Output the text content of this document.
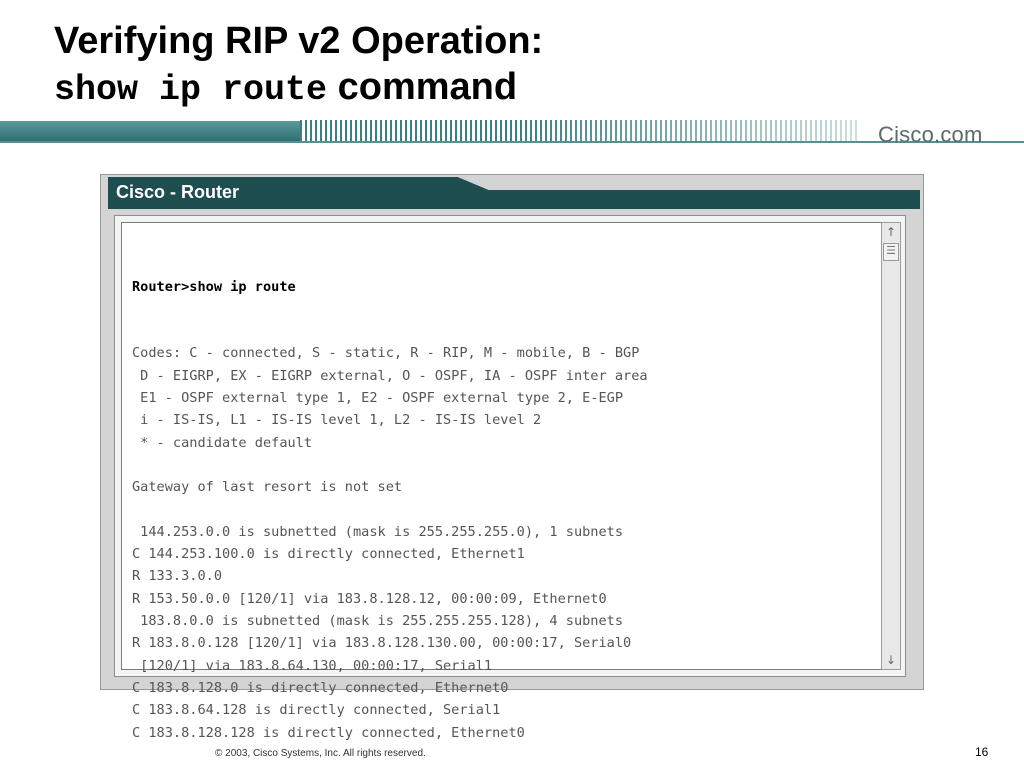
Verifying RIP v2 Operation:
show ip route command
Cisco.com
Cisco - Router

Router>show ip route

Codes: C - connected, S - static, R - RIP, M - mobile, B - BGP
D - EIGRP, EX - EIGRP external, O - OSPF, IA - OSPF inter area
E1 - OSPF external type 1, E2 - OSPF external type 2, E-EGP
i - IS-IS, L1 - IS-IS level 1, L2 - IS-IS level 2
* - candidate default
Gateway of last resort is not set
144.253.0.0 is subnetted (mask is 255.255.255.0), 1 subnets
C 144.253.100.0 is directly connected, Ethernet1
R 133.3.0.0
R 153.50.0.0 [120/1] via 183.8.128.12, 00:00:09, Ethernet0
183.8.0.0 is subnetted (mask is 255.255.255.128), 4 subnets
R 183.8.0.128 [120/1] via 183.8.128.130.00, 00:00:17, Serial0
[120/1] via 183.8.64.130, 00:00:17, Serial1
C 183.8.128.0 is directly connected, Ethernet0
C 183.8.64.128 is directly connected, Serial1
C 183.8.128.128 is directly connected, Ethernet0
↑
☰
↓
© 2003, Cisco Systems, Inc. All rights reserved.	16
